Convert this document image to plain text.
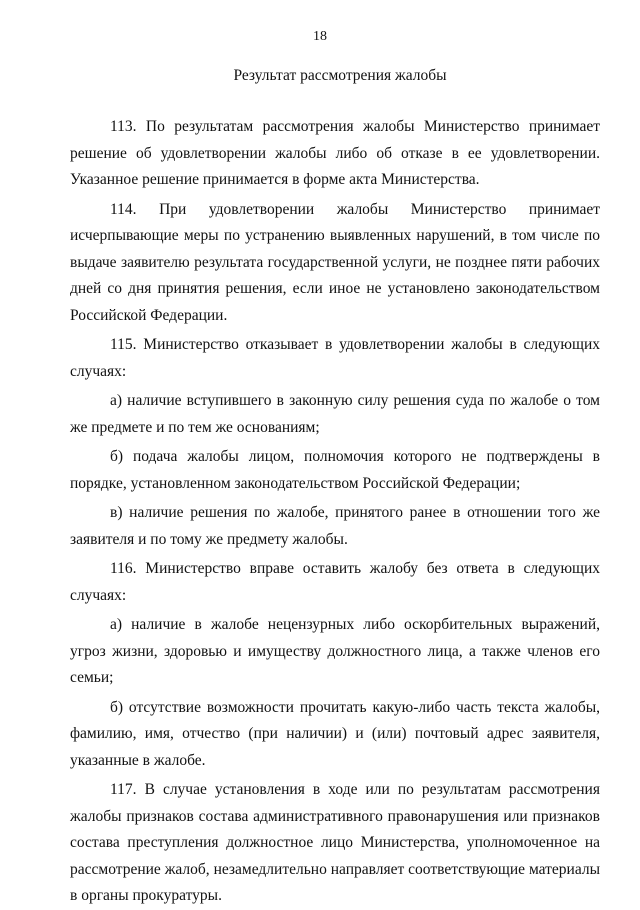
18
Результат рассмотрения жалобы

113. По результатам рассмотрения жалобы Министерство принимает решение об удовлетворении жалобы либо об отказе в ее удовлетворении. Указанное решение принимается в форме акта Министерства.

114. При удовлетворении жалобы Министерство принимает исчерпывающие меры по устранению выявленных нарушений, в том числе по выдаче заявителю результата государственной услуги, не позднее пяти рабочих дней со дня принятия решения, если иное не установлено законодательством Российской Федерации.

115. Министерство отказывает в удовлетворении жалобы в следующих случаях:

а) наличие вступившего в законную силу решения суда по жалобе о том же предмете и по тем же основаниям;

б) подача жалобы лицом, полномочия которого не подтверждены в порядке, установленном законодательством Российской Федерации;

в) наличие решения по жалобе, принятого ранее в отношении того же заявителя и по тому же предмету жалобы.

116. Министерство вправе оставить жалобу без ответа в следующих случаях:

а) наличие в жалобе нецензурных либо оскорбительных выражений, угроз жизни, здоровью и имуществу должностного лица, а также членов его семьи;

б) отсутствие возможности прочитать какую-либо часть текста жалобы, фамилию, имя, отчество (при наличии) и (или) почтовый адрес заявителя, указанные в жалобе.

117. В случае установления в ходе или по результатам рассмотрения жалобы признаков состава административного правонарушения или признаков состава преступления должностное лицо Министерства, уполномоченное на рассмотрение жалоб, незамедлительно направляет соответствующие материалы в органы прокуратуры.
